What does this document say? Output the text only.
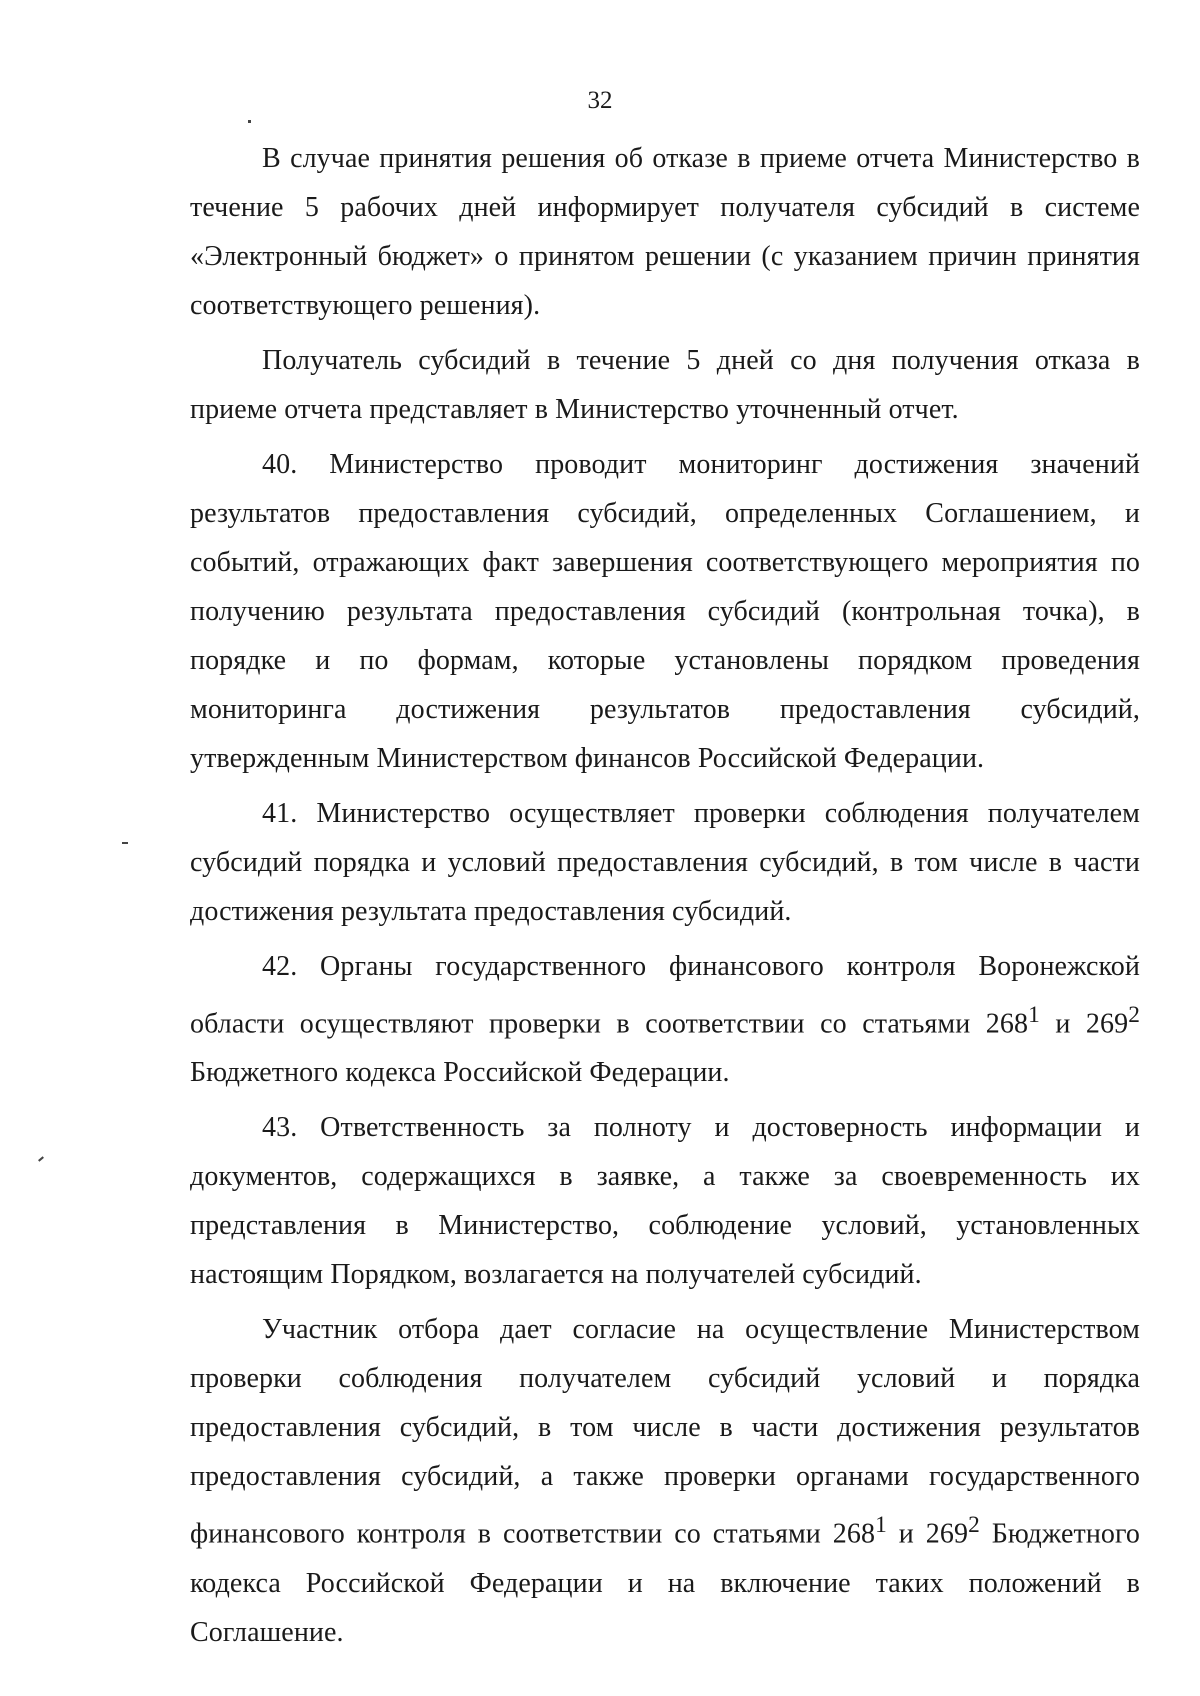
32

В случае принятия решения об отказе в приеме отчета Министерство в течение 5 рабочих дней информирует получателя субсидий в системе «Электронный бюджет» о принятом решении (с указанием причин принятия соответствующего решения).

Получатель субсидий в течение 5 дней со дня получения отказа в приеме отчета представляет в Министерство уточненный отчет.

40. Министерство проводит мониторинг достижения значений результатов предоставления субсидий, определенных Соглашением, и событий, отражающих факт завершения соответствующего мероприятия по получению результата предоставления субсидий (контрольная точка), в порядке и по формам, которые установлены порядком проведения мониторинга достижения результатов предоставления субсидий, утвержденным Министерством финансов Российской Федерации.

41. Министерство осуществляет проверки соблюдения получателем субсидий порядка и условий предоставления субсидий, в том числе в части достижения результата предоставления субсидий.

42. Органы государственного финансового контроля Воронежской области осуществляют проверки в соответствии со статьями $268^1$ и $269^2$ Бюджетного кодекса Российской Федерации.

43. Ответственность за полноту и достоверность информации и документов, содержащихся в заявке, а также за своевременность их представления в Министерство, соблюдение условий, установленных настоящим Порядком, возлагается на получателей субсидий.

Участник отбора дает согласие на осуществление Министерством проверки соблюдения получателем субсидий условий и порядка предоставления субсидий, в том числе в части достижения результатов предоставления субсидий, а также проверки органами государственного финансового контроля в соответствии со статьями $268^1$ и $269^2$ Бюджетного кодекса Российской Федерации и на включение таких положений в Соглашение.
